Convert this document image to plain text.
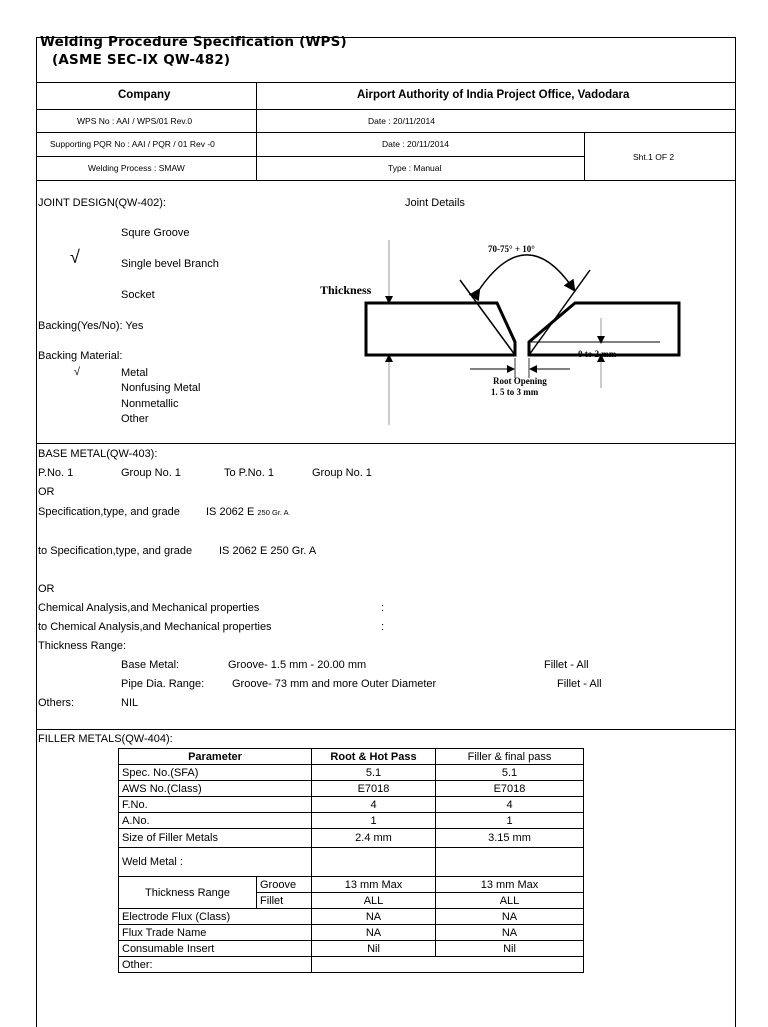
Welding Procedure Specification (WPS)
(ASME SEC-IX QW-482)
Company	Airport Authority of India Project Office, Vadodara
WPS No : AAI / WPS/01 Rev.0	Date : 20/11/2014
Supporting PQR No : AAI / PQR / 01 Rev -0	Date : 20/11/2014
Welding Process : SMAW	Type : Manual
Sht.1 OF 2
JOINT DESIGN(QW-402):	Joint Details
Squre Groove
√	Single bevel Branch
Socket
Backing(Yes/No): Yes
Backing Material:
√	Metal
Nonfusing Metal
Nonmetallic
Other
Thickness
70-75° + 10°
0 to 2 mm
Root Opening
1. 5 to 3 mm
BASE METAL(QW-403):
P.No. 1	Group No. 1	To P.No. 1	Group No. 1
OR
Specification,type, and grade IS 2062 E 250 Gr. A
to Specification,type, and grade IS 2062 E 250 Gr. A
OR
Chemical Analysis,and Mechanical properties	:
to Chemical Analysis,and Mechanical properties	:
Thickness Range:
Base Metal:	Groove- 1.5 mm - 20.00 mm	Fillet - All
Pipe Dia. Range:	Groove- 73 mm and more Outer Diameter	Fillet - All
Others:	NIL
FILLER METALS(QW-404):
Parameter		Root & Hot Pass	Filler & final pass
Spec. No.(SFA)		5.1	5.1
AWS No.(Class)		E7018	E7018
F.No.		4	4
A.No.		1	1
Size of Filler Metals		2.4 mm	3.15 mm
Weld Metal :			
Thickness Range	Groove	13 mm Max	13 mm Max
	Fillet	ALL	ALL
Electrode Flux (Class)		NA	NA
Flux Trade Name		NA	NA
Consumable Insert		Nil	Nil
Other:			
